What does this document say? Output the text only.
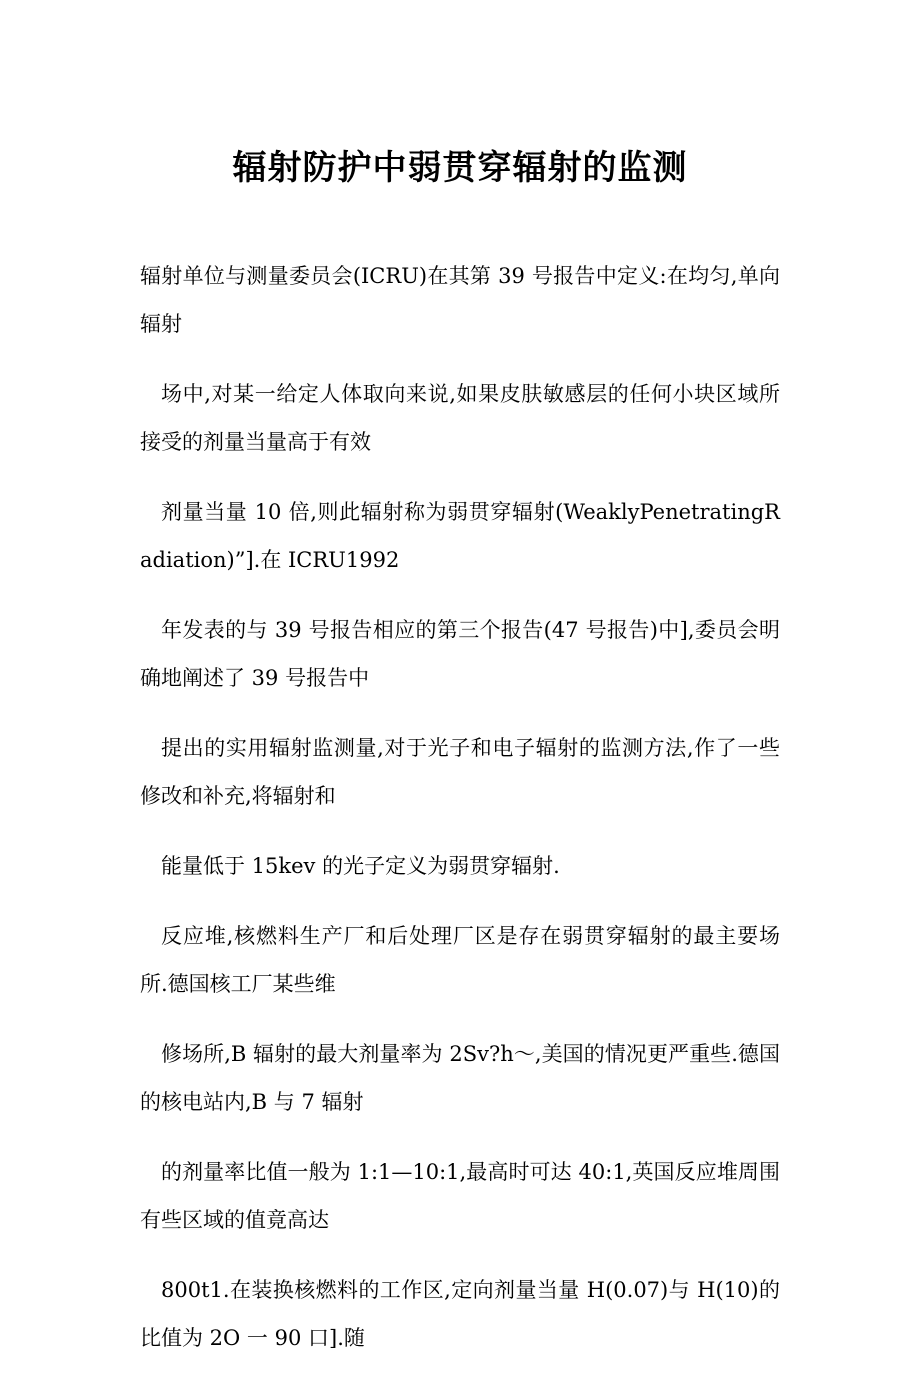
辐射防护中弱贯穿辐射的监测

辐射单位与测量委员会(ICRU)在其第 39 号报告中定义:在均匀,单向辐射

场中,对某一给定人体取向来说,如果皮肤敏感层的任何小块区域所接受的剂量当量高于有效

剂量当量 10 倍,则此辐射称为弱贯穿辐射(WeaklyPenetratingRadiation)”].在 ICRU1992

年发表的与 39 号报告相应的第三个报告(47 号报告)中],委员会明确地阐述了 39 号报告中

提出的实用辐射监测量,对于光子和电子辐射的监测方法,作了一些修改和补充,将辐射和

能量低于 15kev 的光子定义为弱贯穿辐射.

反应堆,核燃料生产厂和后处理厂区是存在弱贯穿辐射的最主要场所.德国核工厂某些维

修场所,B 辐射的最大剂量率为 2Sv?h～,美国的情况更严重些.德国的核电站内,B 与 7 辐射

的剂量率比值一般为 1:1—10:1,最高时可达 40:1,英国反应堆周围有些区域的值竟高达

800t1.在装换核燃料的工作区,定向剂量当量 H(0.07)与 H(10)的比值为 2O 一 90 口].随
